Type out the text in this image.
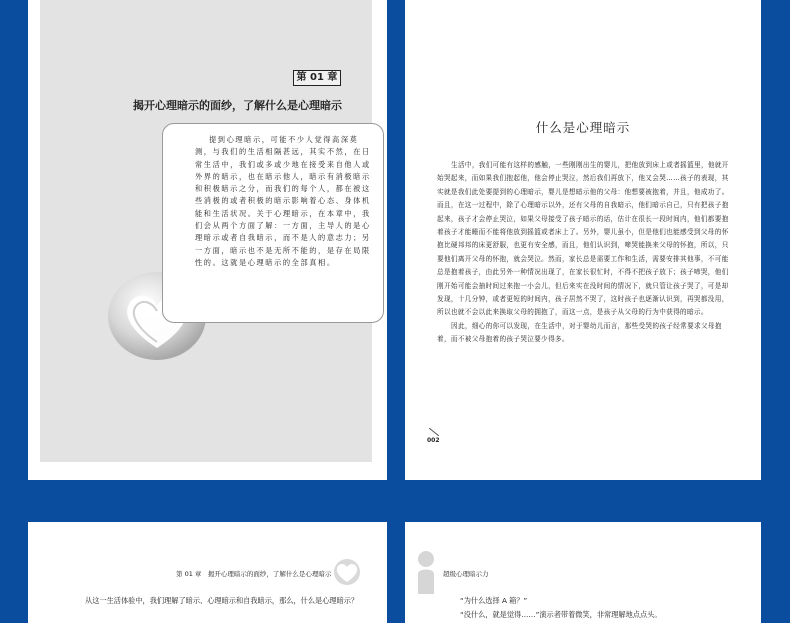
第 01 章
揭开心理暗示的面纱，了解什么是心理暗示
提到心理暗示，可能不少人觉得高深莫测，与我们的生活相隔甚远，其实不然，在日常生活中，我们或多或少地在接受来自他人或外界的暗示，也在暗示他人，暗示有消极暗示和积极暗示之分，而我们的每个人，都在被这些消极的或者积极的暗示影响着心态、身体机能和生活状况。关于心理暗示，在本章中，我们会从两个方面了解：一方面，主导人的是心理暗示或者自我暗示，而不是人的意志力；另一方面，暗示也不是无所不能的，是存在局限性的。这就是心理暗示的全部真相。
什么是心理暗示

生活中，我们可能有这样的感触，一些刚刚出生的婴儿，把他放到床上或者摇篮里，他就开始哭起来，而如果我们抱起他，他会停止哭泣，然后我们再放下，他又会哭……孩子的表现，其实就是我们此处要提到的心理暗示，婴儿是想暗示他的父母：他想要被抱着，并且，他成功了。而且，在这一过程中，除了心理暗示以外，还有父母的自我暗示，他们暗示自己，只有把孩子抱起来，孩子才会停止哭泣，如果父母接受了孩子暗示的话，估计在很长一段时间内，他们都要抱着孩子才能睡而不能将他放到摇篮或者床上了。另外，婴儿虽小，但是他们也能感受到父母的怀抱比硬邦邦的床更舒服，也更有安全感，而且，他们认识到，啼哭能换来父母的怀抱，所以，只要他们离开父母的怀抱，就会哭泣。然而，家长总是需要工作和生活，需要安排其他事，不可能总是抱着孩子，由此另外一种情况出现了，在家长很忙时，不得不把孩子放下；孩子啼哭，他们刚开始可能会抽时间过来抱一小会儿，但后来实在没时间的情况下，就只管让孩子哭了，可是却发现，十几分钟，或者更短的时间内，孩子居然不哭了，这时孩子也逐渐认识到，再哭都没用，所以也就不会以此来换取父母的拥抱了，而这一点，是孩子从父母的行为中获得的暗示。

因此，细心的你可以发现，在生活中，对于婴幼儿而言，那些受哭的孩子经常要求父母抱着，而不被父母抱着的孩子哭泣要少得多。

002
第 01 章　揭开心理暗示的面纱，了解什么是心理暗示
从这一生活体验中，我们理解了暗示、心理暗示和自我暗示，那么，什么是心理暗示？
超级心理暗示力
“为什么选择 A 箱？”
“没什么，就是觉得……”演示者带着微笑，非常理解地点点头。
